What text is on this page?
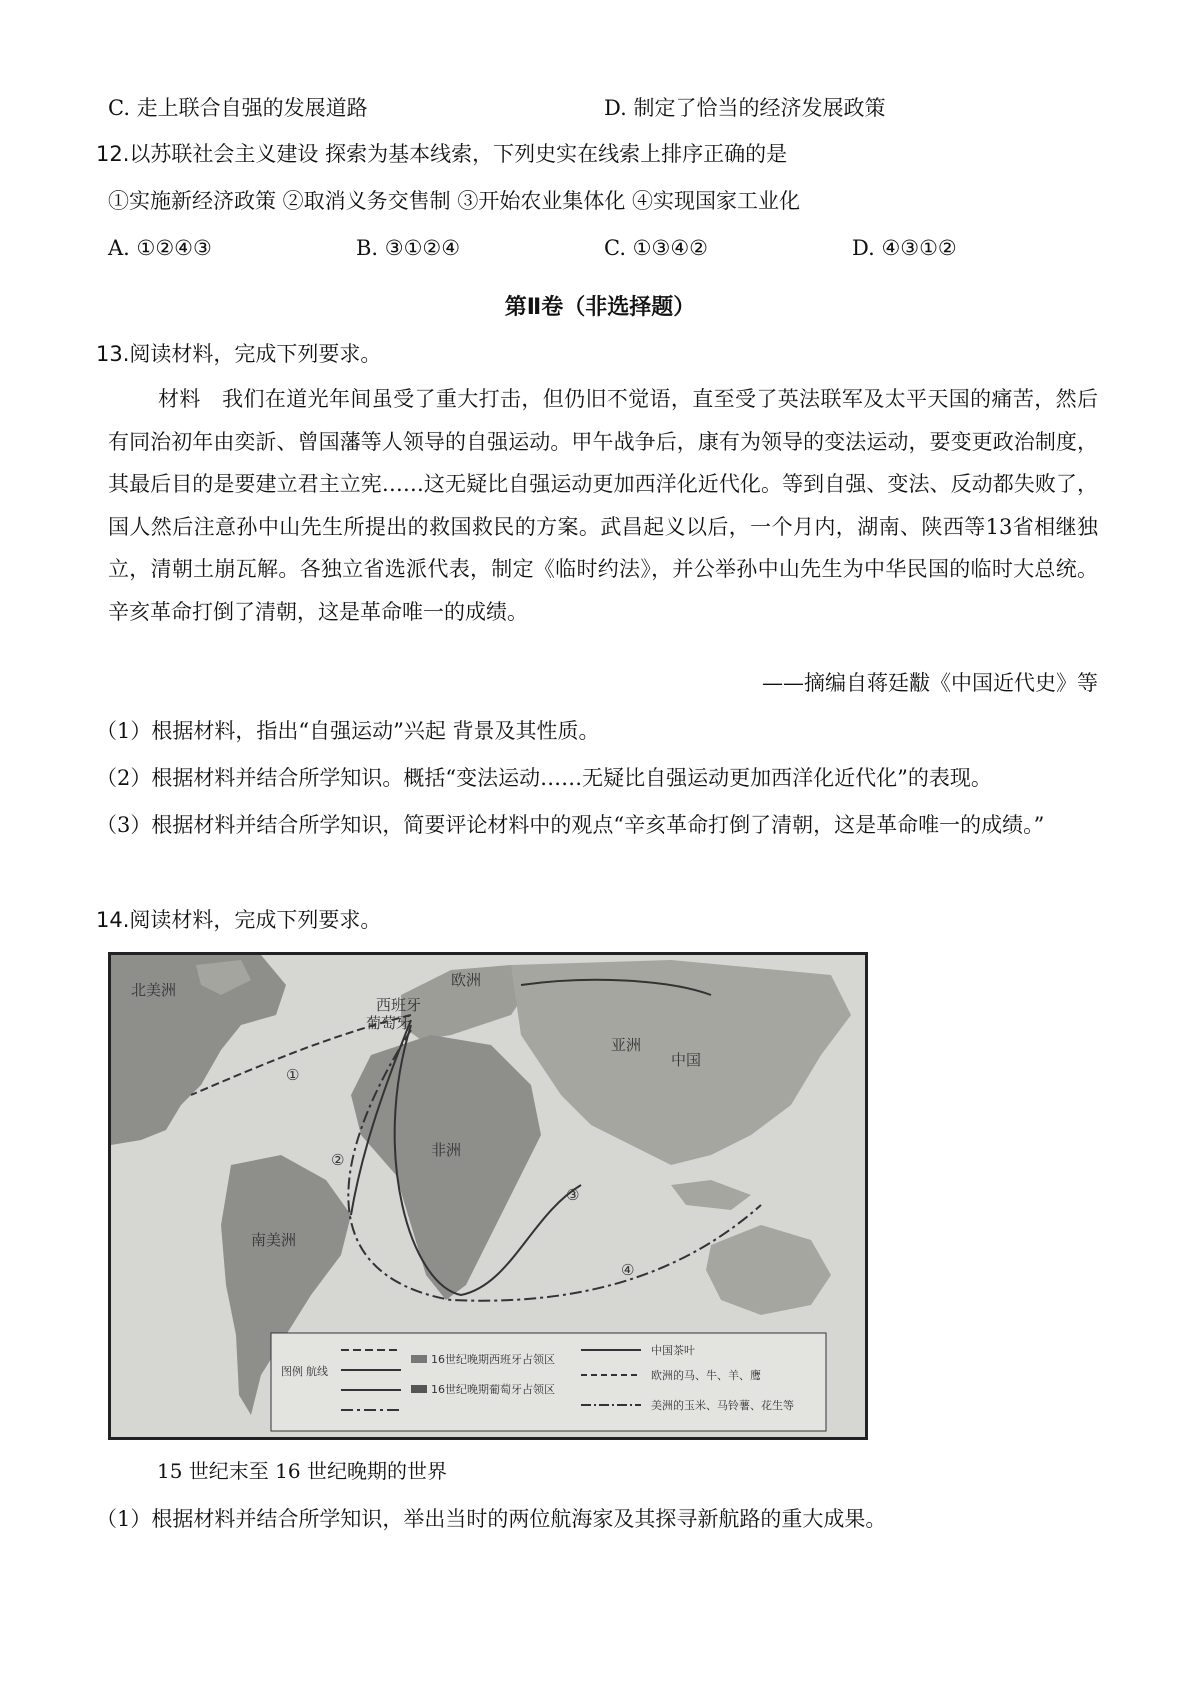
C. 走上联合自强的发展道路	D. 制定了恰当的经济发展政策
12.以苏联社会主义建设 探索为基本线索，下列史实在线索上排序正确的是
①实施新经济政策 ②取消义务交售制 ③开始农业集体化 ④实现国家工业化
A. ①②④③	B. ③①②④	C. ①③④②	D. ④③①②
第Ⅱ卷（非选择题）
13.阅读材料，完成下列要求。
材料　我们在道光年间虽受了重大打击，但仍旧不觉语，直至受了英法联军及太平天国的痛苦，然后有同治初年由奕訢、曾国藩等人领导的自强运动。甲午战争后，康有为领导的变法运动，要变更政治制度，其最后目的是要建立君主立宪……这无疑比自强运动更加西洋化近代化。等到自强、变法、反动都失败了，国人然后注意孙中山先生所提出的救国救民的方案。武昌起义以后，一个月内，湖南、陕西等13省相继独立，清朝土崩瓦解。各独立省选派代表，制定《临时约法》，并公举孙中山先生为中华民国的临时大总统。辛亥革命打倒了清朝，这是革命唯一的成绩。
——摘编自蒋廷黻《中国近代史》等
（1）根据材料，指出“自强运动”兴起 背景及其性质。
（2）根据材料并结合所学知识。概括“变法运动……无疑比自强运动更加西洋化近代化”的表现。
（3）根据材料并结合所学知识，简要评论材料中的观点“辛亥革命打倒了清朝，这是革命唯一的成绩。”
14.阅读材料，完成下列要求。
北美洲
欧洲
西班牙
葡萄牙
亚洲
中国
非洲
南美洲
①
②
③
④
图例 航线
16世纪晚期西班牙占领区
16世纪晚期葡萄牙占领区
中国茶叶
欧洲的马、牛、羊、鹰
美洲的玉米、马铃薯、花生等
15 世纪末至 16 世纪晚期的世界
（1）根据材料并结合所学知识，举出当时的两位航海家及其探寻新航路的重大成果。
